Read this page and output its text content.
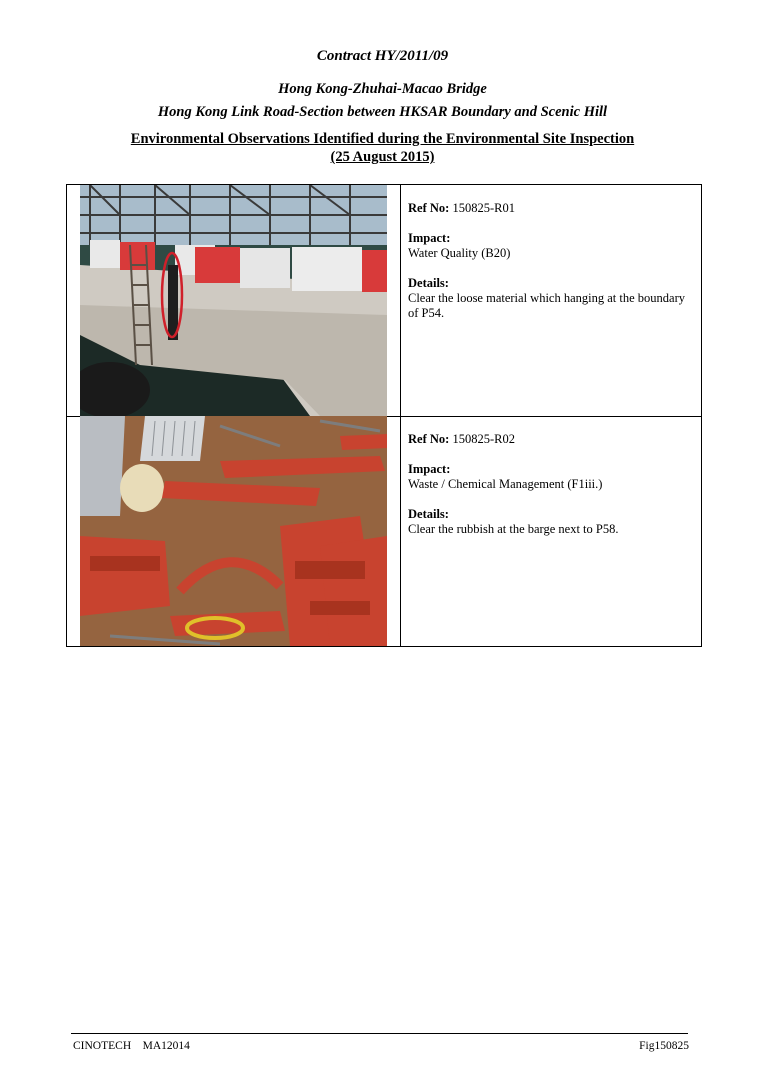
Contract HY/2011/09
Hong Kong-Zhuhai-Macao Bridge
Hong Kong Link Road-Section between HKSAR Boundary and Scenic Hill
Environmental Observations Identified during the Environmental Site Inspection
(25 August 2015)

Ref No: 150825-R01

Impact:

Water Quality (B20)

Details:

Clear the loose material which hanging at the boundary of P54.

Ref No: 150825-R02

Impact:

Waste / Chemical Management (F1iii.)

Details:

Clear the rubbish at the barge next to P58.

CINOTECH    MA12014	Fig150825
